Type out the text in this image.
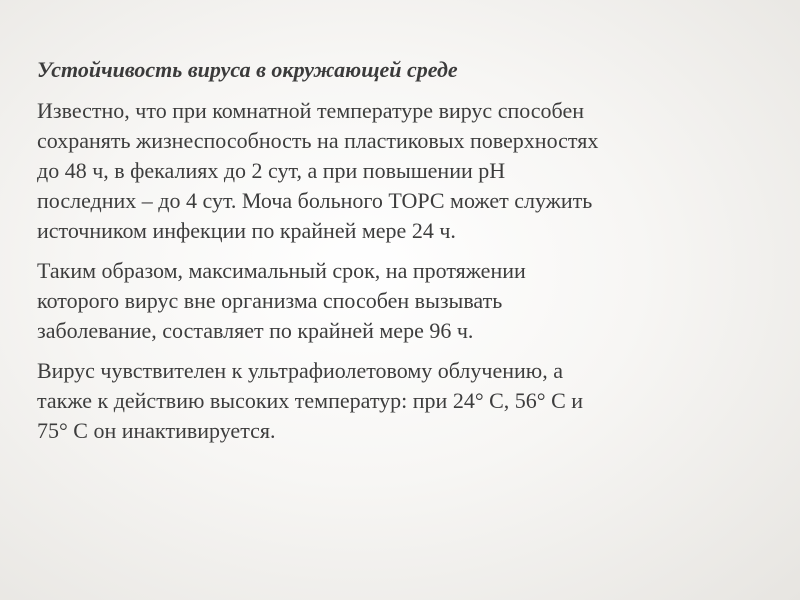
Устойчивость вируса в окружающей среде
Известно, что при комнатной температуре вирус способен
сохранять жизнеспособность на пластиковых поверхностях
до 48 ч, в фекалиях до 2 сут, а при повышении рН
последних – до 4 сут. Моча больного ТОРС может служить
источником инфекции по крайней мере 24 ч.
Таким образом, максимальный срок, на протяжении
которого вирус вне организма способен вызывать
заболевание, составляет по крайней мере 96 ч.
Вирус чувствителен к ультрафиолетовому облучению, а
также к действию высоких температур: при 24° С, 56° С и
75° С он инактивируется.
